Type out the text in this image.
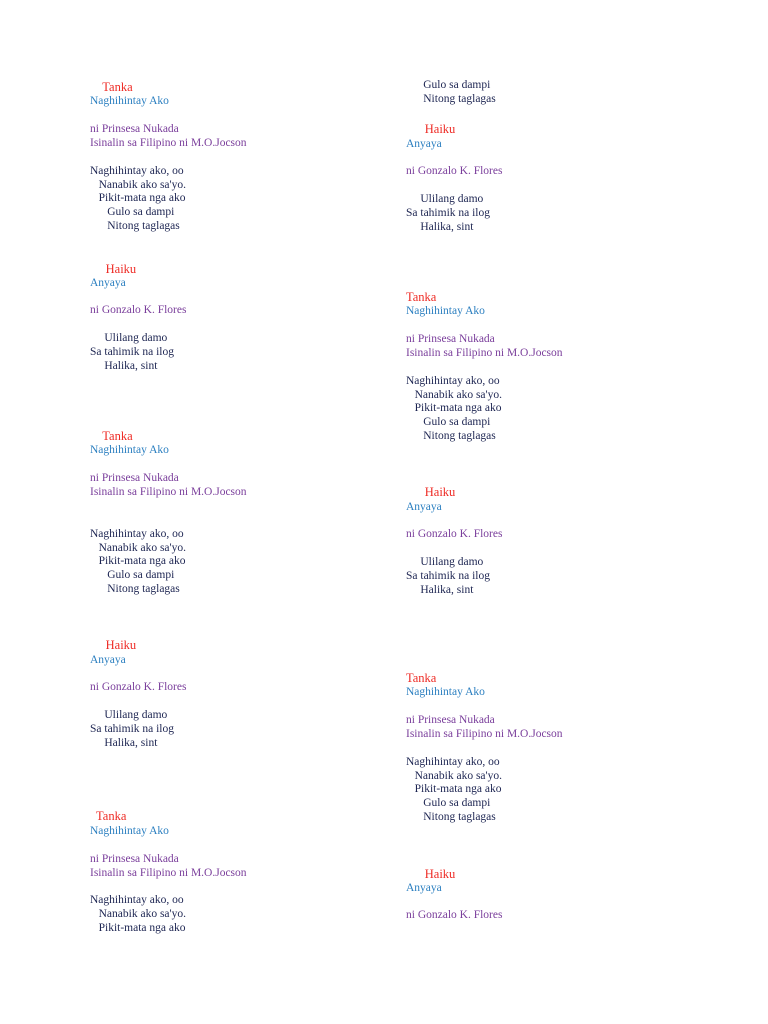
Tanka
Naghihintay Ako
ni Prinsesa Nukada
Isinalin sa Filipino ni M.O.Jocson
Naghihintay ako, oo
Nanabik ako sa'yo.
Pikit-mata nga ako
Gulo sa dampi
Nitong taglagas
Haiku
Anyaya
ni Gonzalo K. Flores
Ulilang damo
Sa tahimik na ilog
Halika, sint
Tanka
Naghihintay Ako
ni Prinsesa Nukada
Isinalin sa Filipino ni M.O.Jocson
Naghihintay ako, oo
Nanabik ako sa'yo.
Pikit-mata nga ako
Gulo sa dampi
Nitong taglagas
Haiku
Anyaya
ni Gonzalo K. Flores
Ulilang damo
Sa tahimik na ilog
Halika, sint
Tanka
Naghihintay Ako
ni Prinsesa Nukada
Isinalin sa Filipino ni M.O.Jocson
Naghihintay ako, oo
Nanabik ako sa'yo.
Pikit-mata nga ako
Gulo sa dampi
Nitong taglagas
Haiku
Anyaya
ni Gonzalo K. Flores
Ulilang damo
Sa tahimik na ilog
Halika, sint
Tanka
Naghihintay Ako
ni Prinsesa Nukada
Isinalin sa Filipino ni M.O.Jocson
Naghihintay ako, oo
Nanabik ako sa'yo.
Pikit-mata nga ako
Gulo sa dampi
Nitong taglagas
Haiku
Anyaya
ni Gonzalo K. Flores
Ulilang damo
Sa tahimik na ilog
Halika, sint
Tanka
Naghihintay Ako
ni Prinsesa Nukada
Isinalin sa Filipino ni M.O.Jocson
Naghihintay ako, oo
Nanabik ako sa'yo.
Pikit-mata nga ako
Gulo sa dampi
Nitong taglagas
Haiku
Anyaya
ni Gonzalo K. Flores
